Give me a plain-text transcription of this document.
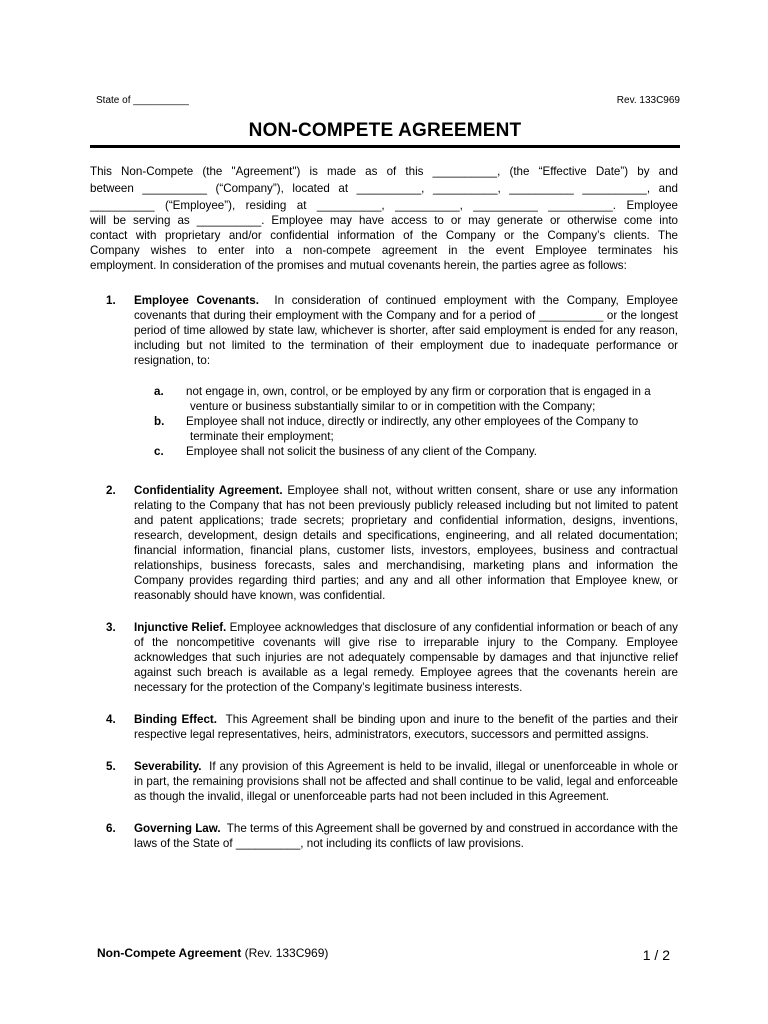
State of __________	Rev. 133C969
NON-COMPETE AGREEMENT
This Non-Compete (the "Agreement") is made as of this __________, (the “Effective Date”) by and
between __________ (“Company”), located at __________, __________, __________ __________, and
__________ (“Employee”), residing at __________, __________, __________ __________. Employee
will be serving as __________. Employee may have access to or may generate or otherwise come into
contact with proprietary and/or confidential information of the Company or the Company’s clients. The
Company wishes to enter into a non-compete agreement in the event Employee terminates his
employment. In consideration of the promises and mutual covenants herein, the parties agree as follows:
1. Employee Covenants. In consideration of continued employment with the Company, Employee covenants that during their employment with the Company and for a period of __________ or the longest period of time allowed by state law, whichever is shorter, after said employment is ended for any reason, including but not limited to the termination of their employment due to inadequate performance or resignation, to:
a. not engage in, own, control, or be employed by any firm or corporation that is engaged in a
venture or business substantially similar to or in competition with the Company;
b. Employee shall not induce, directly or indirectly, any other employees of the Company to
terminate their employment;
c. Employee shall not solicit the business of any client of the Company.
2. Confidentiality Agreement. Employee shall not, without written consent, share or use any information relating to the Company that has not been previously publicly released including but not limited to patent and patent applications; trade secrets; proprietary and confidential information, designs, inventions, research, development, design details and specifications, engineering, and all related documentation; financial information, financial plans, customer lists, investors, employees, business and contractual relationships, business forecasts, sales and merchandising, marketing plans and information the Company provides regarding third parties; and any and all other information that Employee knew, or reasonably should have known, was confidential.
3. Injunctive Relief. Employee acknowledges that disclosure of any confidential information or beach of any of the noncompetitive covenants will give rise to irreparable injury to the Company. Employee acknowledges that such injuries are not adequately compensable by damages and that injunctive relief against such breach is available as a legal remedy. Employee agrees that the covenants herein are necessary for the protection of the Company’s legitimate business interests.
4. Binding Effect. This Agreement shall be binding upon and inure to the benefit of the parties and their respective legal representatives, heirs, administrators, executors, successors and permitted assigns.
5. Severability. If any provision of this Agreement is held to be invalid, illegal or unenforceable in whole or in part, the remaining provisions shall not be affected and shall continue to be valid, legal and enforceable as though the invalid, illegal or unenforceable parts had not been included in this Agreement.
6. Governing Law. The terms of this Agreement shall be governed by and construed in accordance with the laws of the State of __________, not including its conflicts of law provisions.
Non-Compete Agreement (Rev. 133C969)	1 / 2
